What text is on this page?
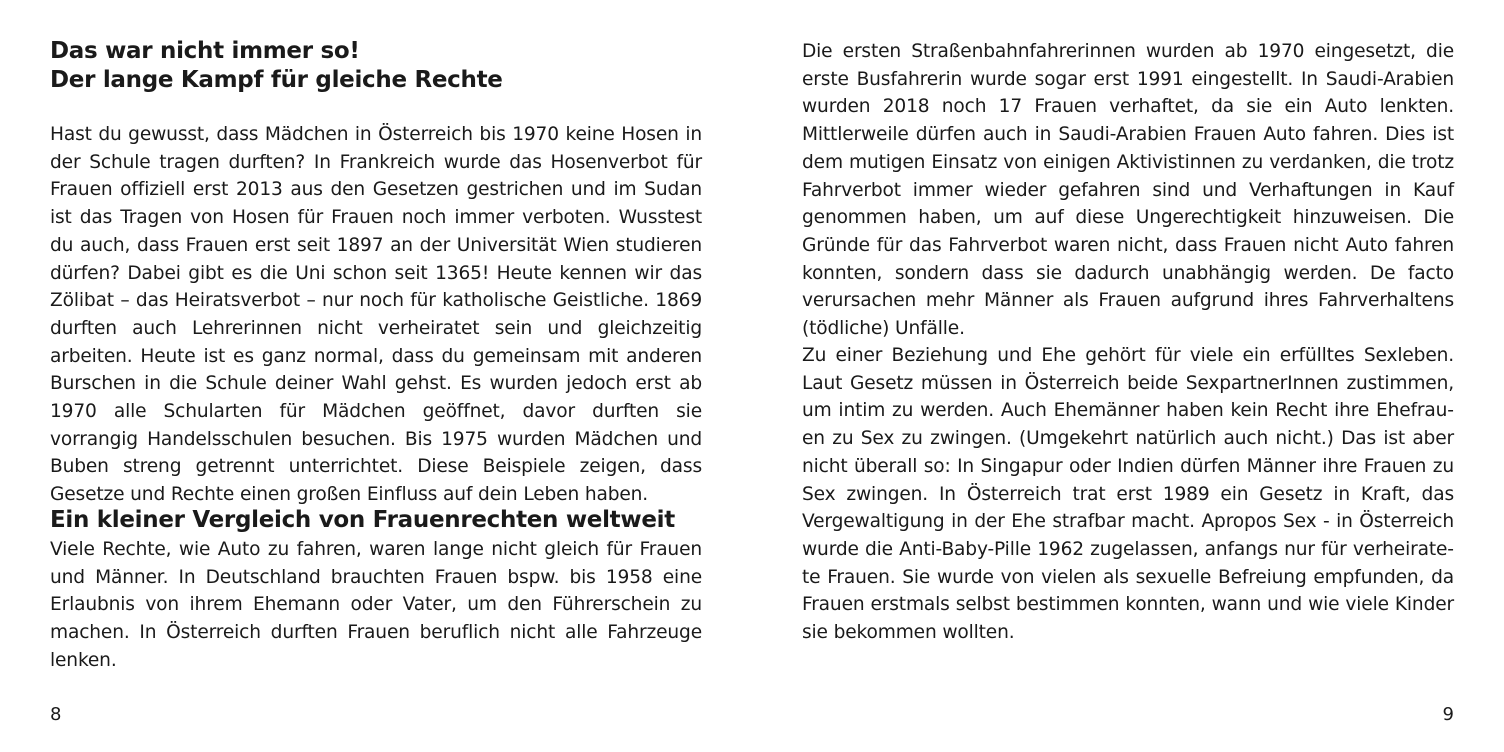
Das war nicht immer so!
Der lange Kampf für gleiche Rechte

Hast du gewusst, dass Mädchen in Österreich bis 1970 keine Hosen in der Schule tragen durften? In Frankreich wurde das Hosenverbot für Frauen offiziell erst 2013 aus den Gesetzen gestrichen und im Sudan ist das Tragen von Hosen für Frauen noch immer verboten. Wusstest du auch, dass Frauen erst seit 1897 an der Universität Wien studieren dürfen? Dabei gibt es die Uni schon seit 1365! Heute kennen wir das Zölibat – das Heiratsverbot – nur noch für katholische Geistliche. 1869 durften auch Lehrerinnen nicht verheiratet sein und gleichzeitig arbeiten. Heute ist es ganz normal, dass du gemeinsam mit anderen Burschen in die Schule deiner Wahl gehst. Es wurden jedoch erst ab 1970 alle Schularten für Mädchen geöffnet, davor durften sie vorrangig Handelsschulen besuchen. Bis 1975 wurden Mädchen und Buben streng getrennt unterrichtet. Diese Beispiele zeigen, dass Gesetze und Rechte einen großen Einfluss auf dein Leben haben.

Ein kleiner Vergleich von Frauenrechten weltweit

Viele Rechte, wie Auto zu fahren, waren lange nicht gleich für Frauen und Männer. In Deutschland brauchten Frauen bspw. bis 1958 eine Erlaubnis von ihrem Ehemann oder Vater, um den Führerschein zu machen. In Österreich durften Frauen beruflich nicht alle Fahrzeuge lenken.

8

Die ersten Straßenbahnfahrerinnen wurden ab 1970 eingesetzt, die erste Busfahrerin wurde sogar erst 1991 eingestellt. In Saudi-Arabien wurden 2018 noch 17 Frauen verhaftet, da sie ein Auto lenkten. Mittlerweile dürfen auch in Saudi-Arabien Frauen Auto fahren. Dies ist dem mutigen Einsatz von einigen Aktivistinnen zu verdanken, die trotz Fahrverbot immer wieder gefahren sind und Verhaftungen in Kauf genommen haben, um auf diese Ungerechtigkeit hinzuweisen. Die Gründe für das Fahrverbot waren nicht, dass Frauen nicht Auto fahren konnten, sondern dass sie dadurch unabhängig werden. De facto verursachen mehr Männer als Frauen aufgrund ihres Fahrverhaltens (tödliche) Unfälle.

Zu einer Beziehung und Ehe gehört für viele ein erfülltes Sexleben. Laut Gesetz müssen in Österreich beide SexpartnerInnen zustimmen, um intim zu werden. Auch Ehemänner haben kein Recht ihre Ehefrauen zu Sex zu zwingen. (Umgekehrt natürlich auch nicht.) Das ist aber nicht überall so: In Singapur oder Indien dürfen Männer ihre Frauen zu Sex zwingen. In Österreich trat erst 1989 ein Gesetz in Kraft, das Vergewaltigung in der Ehe strafbar macht. Apropos Sex - in Österreich wurde die Anti-Baby-Pille 1962 zugelassen, anfangs nur für verheiratete Frauen. Sie wurde von vielen als sexuelle Befreiung empfunden, da Frauen erstmals selbst bestimmen konnten, wann und wie viele Kinder sie bekommen wollten.

9
